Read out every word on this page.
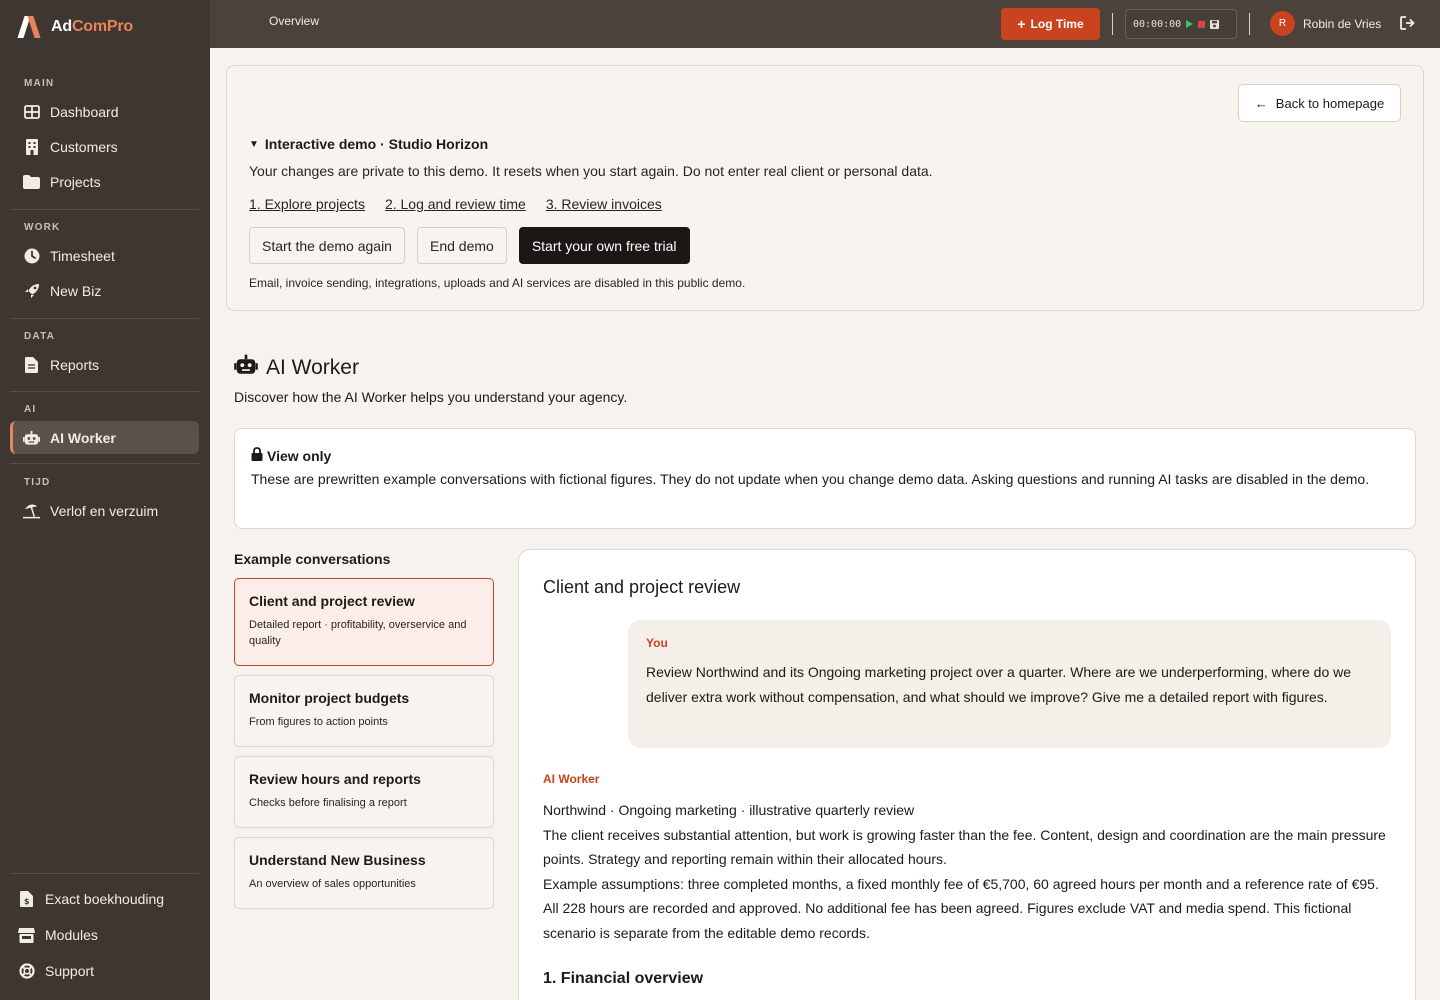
AdComPro
MAIN
Dashboard
Customers
Projects
WORK
Timesheet
New Biz
DATA
Reports
AI
AI Worker
TIJD
Verlof en verzuim
$ Exact boekhouding
Modules
Support
Overview	+ Log Time	00:00:00	R	Robin de Vries
← Back to homepage
▼ Interactive demo · Studio Horizon
Your changes are private to this demo. It resets when you start again. Do not enter real client or personal data.
1. Explore projects 2. Log and review time 3. Review invoices
Start the demo again	End demo	Start your own free trial
Email, invoice sending, integrations, uploads and AI services are disabled in this public demo.
AI Worker
Discover how the AI Worker helps you understand your agency.
View only
These are prewritten example conversations with fictional figures. They do not update when you change demo data. Asking questions and running AI tasks are disabled in the demo.
Example conversations
Client and project review
Detailed report · profitability, overservice and quality
Monitor project budgets
From figures to action points
Review hours and reports
Checks before finalising a report
Understand New Business
An overview of sales opportunities
Client and project review
You
Review Northwind and its Ongoing marketing project over a quarter. Where are we underperforming, where do we deliver extra work without compensation, and what should we improve? Give me a detailed report with figures.
AI Worker
Northwind · Ongoing marketing · illustrative quarterly review
The client receives substantial attention, but work is growing faster than the fee. Content, design and coordination are the main pressure points. Strategy and reporting remain within their allocated hours.
Example assumptions: three completed months, a fixed monthly fee of €5,700, 60 agreed hours per month and a reference rate of €95. All 228 hours are recorded and approved. No additional fee has been agreed. Figures exclude VAT and media spend. This fictional scenario is separate from the editable demo records.
1. Financial overview
